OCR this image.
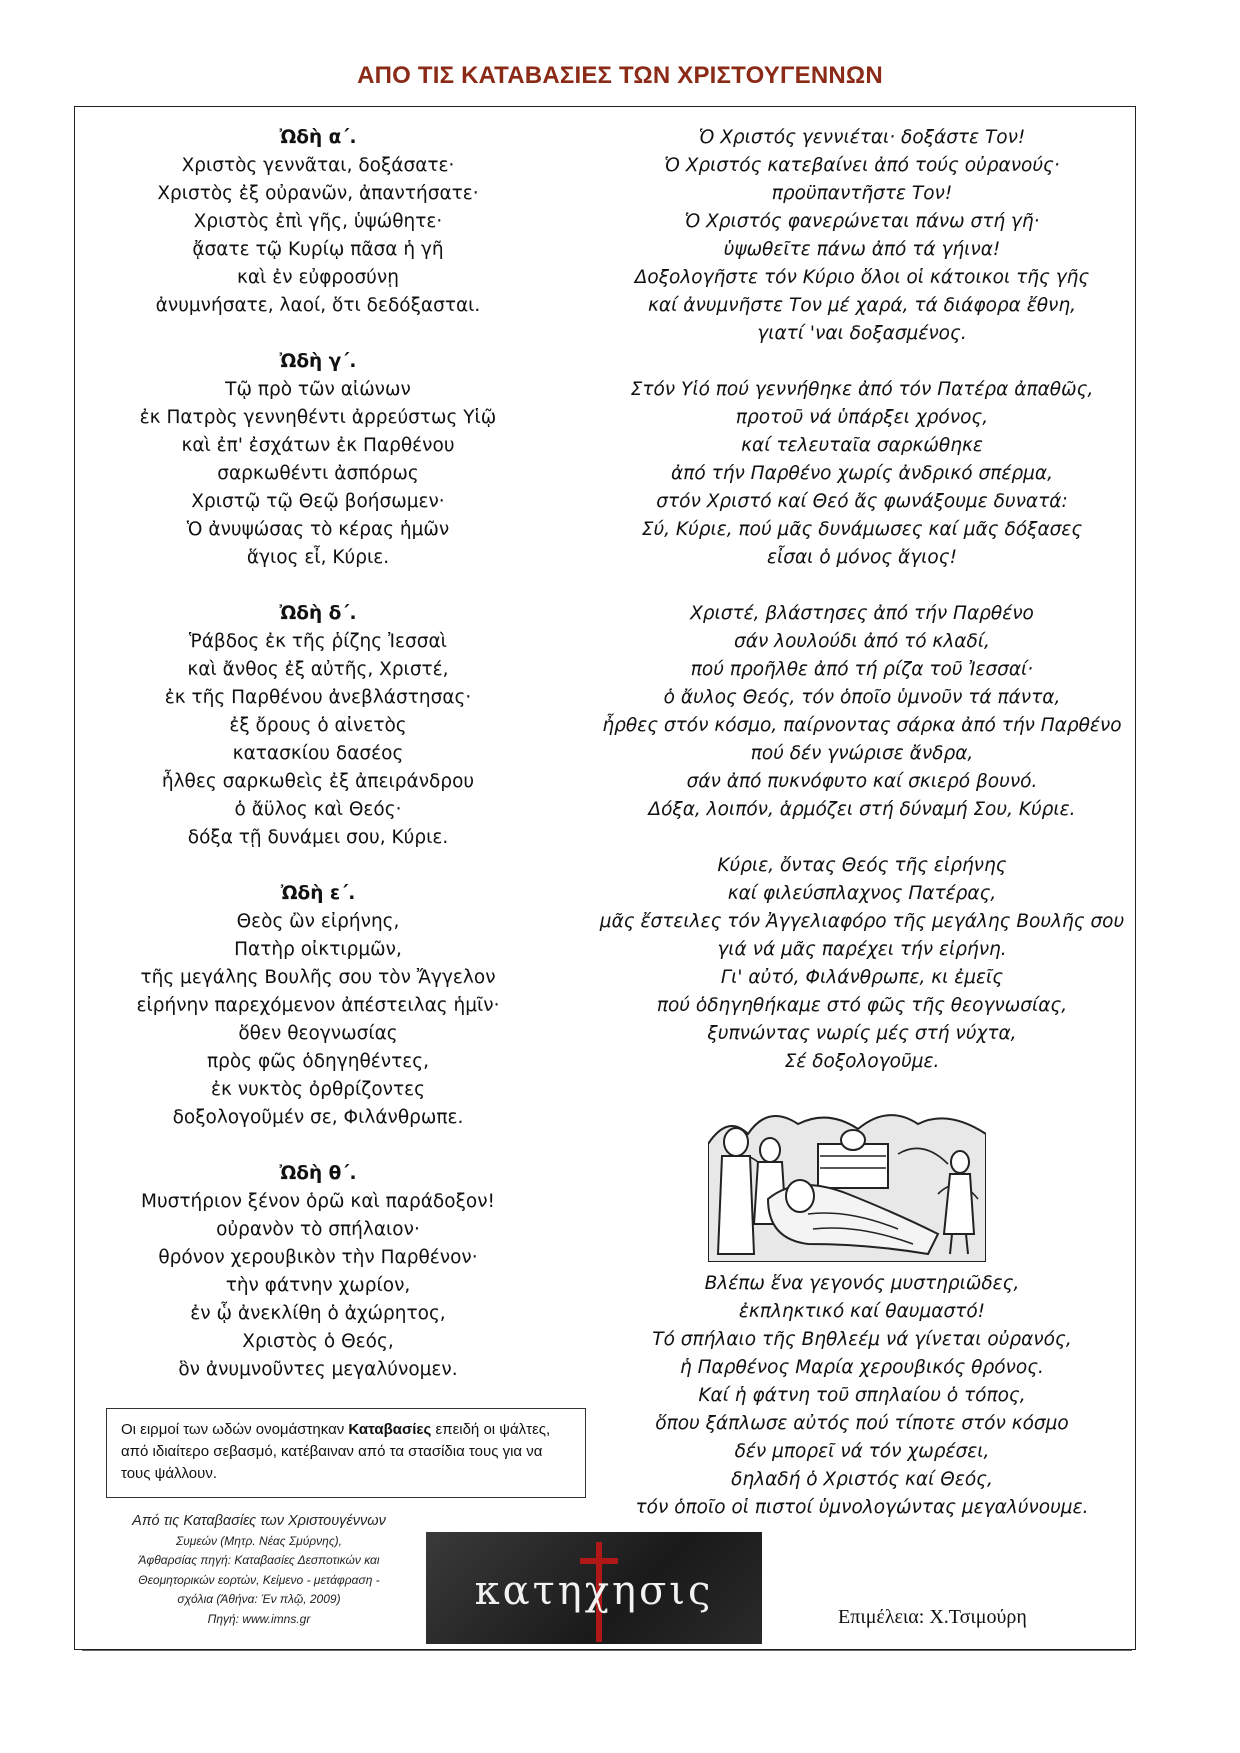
ΑΠΟ ΤΙΣ ΚΑΤΑΒΑΣΙΕΣ ΤΩΝ ΧΡΙΣΤΟΥΓΕΝΝΩΝ
Ὠδὴ α΄.
Χριστὸς γεννᾶται, δοξάσατε·
Χριστὸς ἐξ οὐρανῶν, ἀπαντήσατε·
Χριστὸς ἐπὶ γῆς, ὑψώθητε·
ᾄσατε τῷ Κυρίῳ πᾶσα ἡ γῆ
καὶ ἐν εὐφροσύνῃ
ἀνυμνήσατε, λαοί, ὅτι δεδόξασται.
Ὠδὴ γ΄.
Τῷ πρὸ τῶν αἰώνων
ἐκ Πατρὸς γεννηθέντι ἀρρεύστως Υἱῷ
καὶ ἐπ' ἐσχάτων ἐκ Παρθένου
σαρκωθέντι ἀσπόρως
Χριστῷ τῷ Θεῷ βοήσωμεν·
Ὁ ἀνυψώσας τὸ κέρας ἡμῶν
ἅγιος εἶ, Κύριε.
Ὠδὴ δ΄.
Ῥάβδος ἐκ τῆς ῥίζης Ἰεσσαὶ
καὶ ἄνθος ἐξ αὐτῆς, Χριστέ,
ἐκ τῆς Παρθένου ἀνεβλάστησας·
ἐξ ὄρους ὁ αἰνετὸς
κατασκίου δασέος
ἦλθες σαρκωθεὶς ἐξ ἀπειράνδρου
ὁ ἄϋλος καὶ Θεός·
δόξα τῇ δυνάμει σου, Κύριε.
Ὠδὴ ε΄.
Θεὸς ὢν εἰρήνης,
Πατὴρ οἰκτιρμῶν,
τῆς μεγάλης Βουλῆς σου τὸν Ἄγγελον
εἰρήνην παρεχόμενον ἀπέστειλας ἡμῖν·
ὅθεν θεογνωσίας
πρὸς φῶς ὁδηγηθέντες,
ἐκ νυκτὸς ὀρθρίζοντες
δοξολογοῦμέν σε, Φιλάνθρωπε.
Ὠδὴ θ΄.
Μυστήριον ξένον ὁρῶ καὶ παράδοξον!
οὐρανὸν τὸ σπήλαιον·
θρόνον χερουβικὸν τὴν Παρθένον·
τὴν φάτνην χωρίον,
ἐν ᾧ ἀνεκλίθη ὁ ἀχώρητος,
Χριστὸς ὁ Θεός,
ὃν ἀνυμνοῦντες μεγαλύνομεν.
Ὁ Χριστός γεννιέται· δοξάστε Τον!
Ὁ Χριστός κατεβαίνει ἀπό τούς οὐρανούς·
προϋπαντῆστε Τον!
Ὁ Χριστός φανερώνεται πάνω στή γῆ·
ὑψωθεῖτε πάνω ἀπό τά γήινα!
Δοξολογῆστε τόν Κύριο ὅλοι οἱ κάτοικοι τῆς γῆς
καί ἀνυμνῆστε Τον μέ χαρά, τά διάφορα ἔθνη,
γιατί 'ναι δοξασμένος.
Στόν Υἱό πού γεννήθηκε ἀπό τόν Πατέρα ἀπαθῶς,
προτοῦ νά ὑπάρξει χρόνος,
καί τελευταῖα σαρκώθηκε
ἀπό τήν Παρθένο χωρίς ἀνδρικό σπέρμα,
στόν Χριστό καί Θεό ἄς φωνάξουμε δυνατά:
Σύ, Κύριε, πού μᾶς δυνάμωσες καί μᾶς δόξασες
εἶσαι ὁ μόνος ἅγιος!
Χριστέ, βλάστησες ἀπό τήν Παρθένο
σάν λουλούδι ἀπό τό κλαδί,
πού προῆλθε ἀπό τή ρίζα τοῦ Ἰεσσαί·
ὁ ἄυλος Θεός, τόν ὁποῖο ὑμνοῦν τά πάντα,
ἦρθες στόν κόσμο, παίρνοντας σάρκα ἀπό τήν Παρθένο
πού δέν γνώρισε ἄνδρα,
σάν ἀπό πυκνόφυτο καί σκιερό βουνό.
Δόξα, λοιπόν, ἁρμόζει στή δύναμή Σου, Κύριε.
Κύριε, ὄντας Θεός τῆς εἰρήνης
καί φιλεύσπλαχνος Πατέρας,
μᾶς ἔστειλες τόν Ἀγγελιαφόρο τῆς μεγάλης Βουλῆς σου
γιά νά μᾶς παρέχει τήν εἰρήνη.
Γι' αὐτό, Φιλάνθρωπε, κι ἐμεῖς
πού ὁδηγηθήκαμε στό φῶς τῆς θεογνωσίας,
ξυπνώντας νωρίς μές στή νύχτα,
Σέ δοξολογοῦμε.
Βλέπω ἕνα γεγονός μυστηριῶδες,
ἐκπληκτικό καί θαυμαστό!
Τό σπήλαιο τῆς Βηθλεέμ νά γίνεται οὐρανός,
ἡ Παρθένος Μαρία χερουβικός θρόνος.
Καί ἡ φάτνη τοῦ σπηλαίου ὁ τόπος,
ὅπου ξάπλωσε αὐτός πού τίποτε στόν κόσμο
δέν μπορεῖ νά τόν χωρέσει,
δηλαδή ὁ Χριστός καί Θεός,
τόν ὁποῖο οἱ πιστοί ὑμνολογώντας μεγαλύνουμε.
Οι ειρμοί των ωδών ονομάστηκαν Καταβασίες επειδή οι ψάλτες, από ιδιαίτερο σεβασμό, κατέβαιναν από τα στασίδια τους για να τους ψάλλουν.
Από τις Καταβασίες των Χριστουγέννων
Συμεών (Μητρ. Νέας Σμύρνης),
Άφθαρσίας πηγή: Καταβασίες Δεσποτικών και
Θεομητορικών εορτών, Κείμενο - μετάφραση -
σχόλια (Άθήνα: Έν πλῷ, 2009)
Πηγή: www.imns.gr
κατηχησις
Επιμέλεια: Χ.Τσιμούρη
